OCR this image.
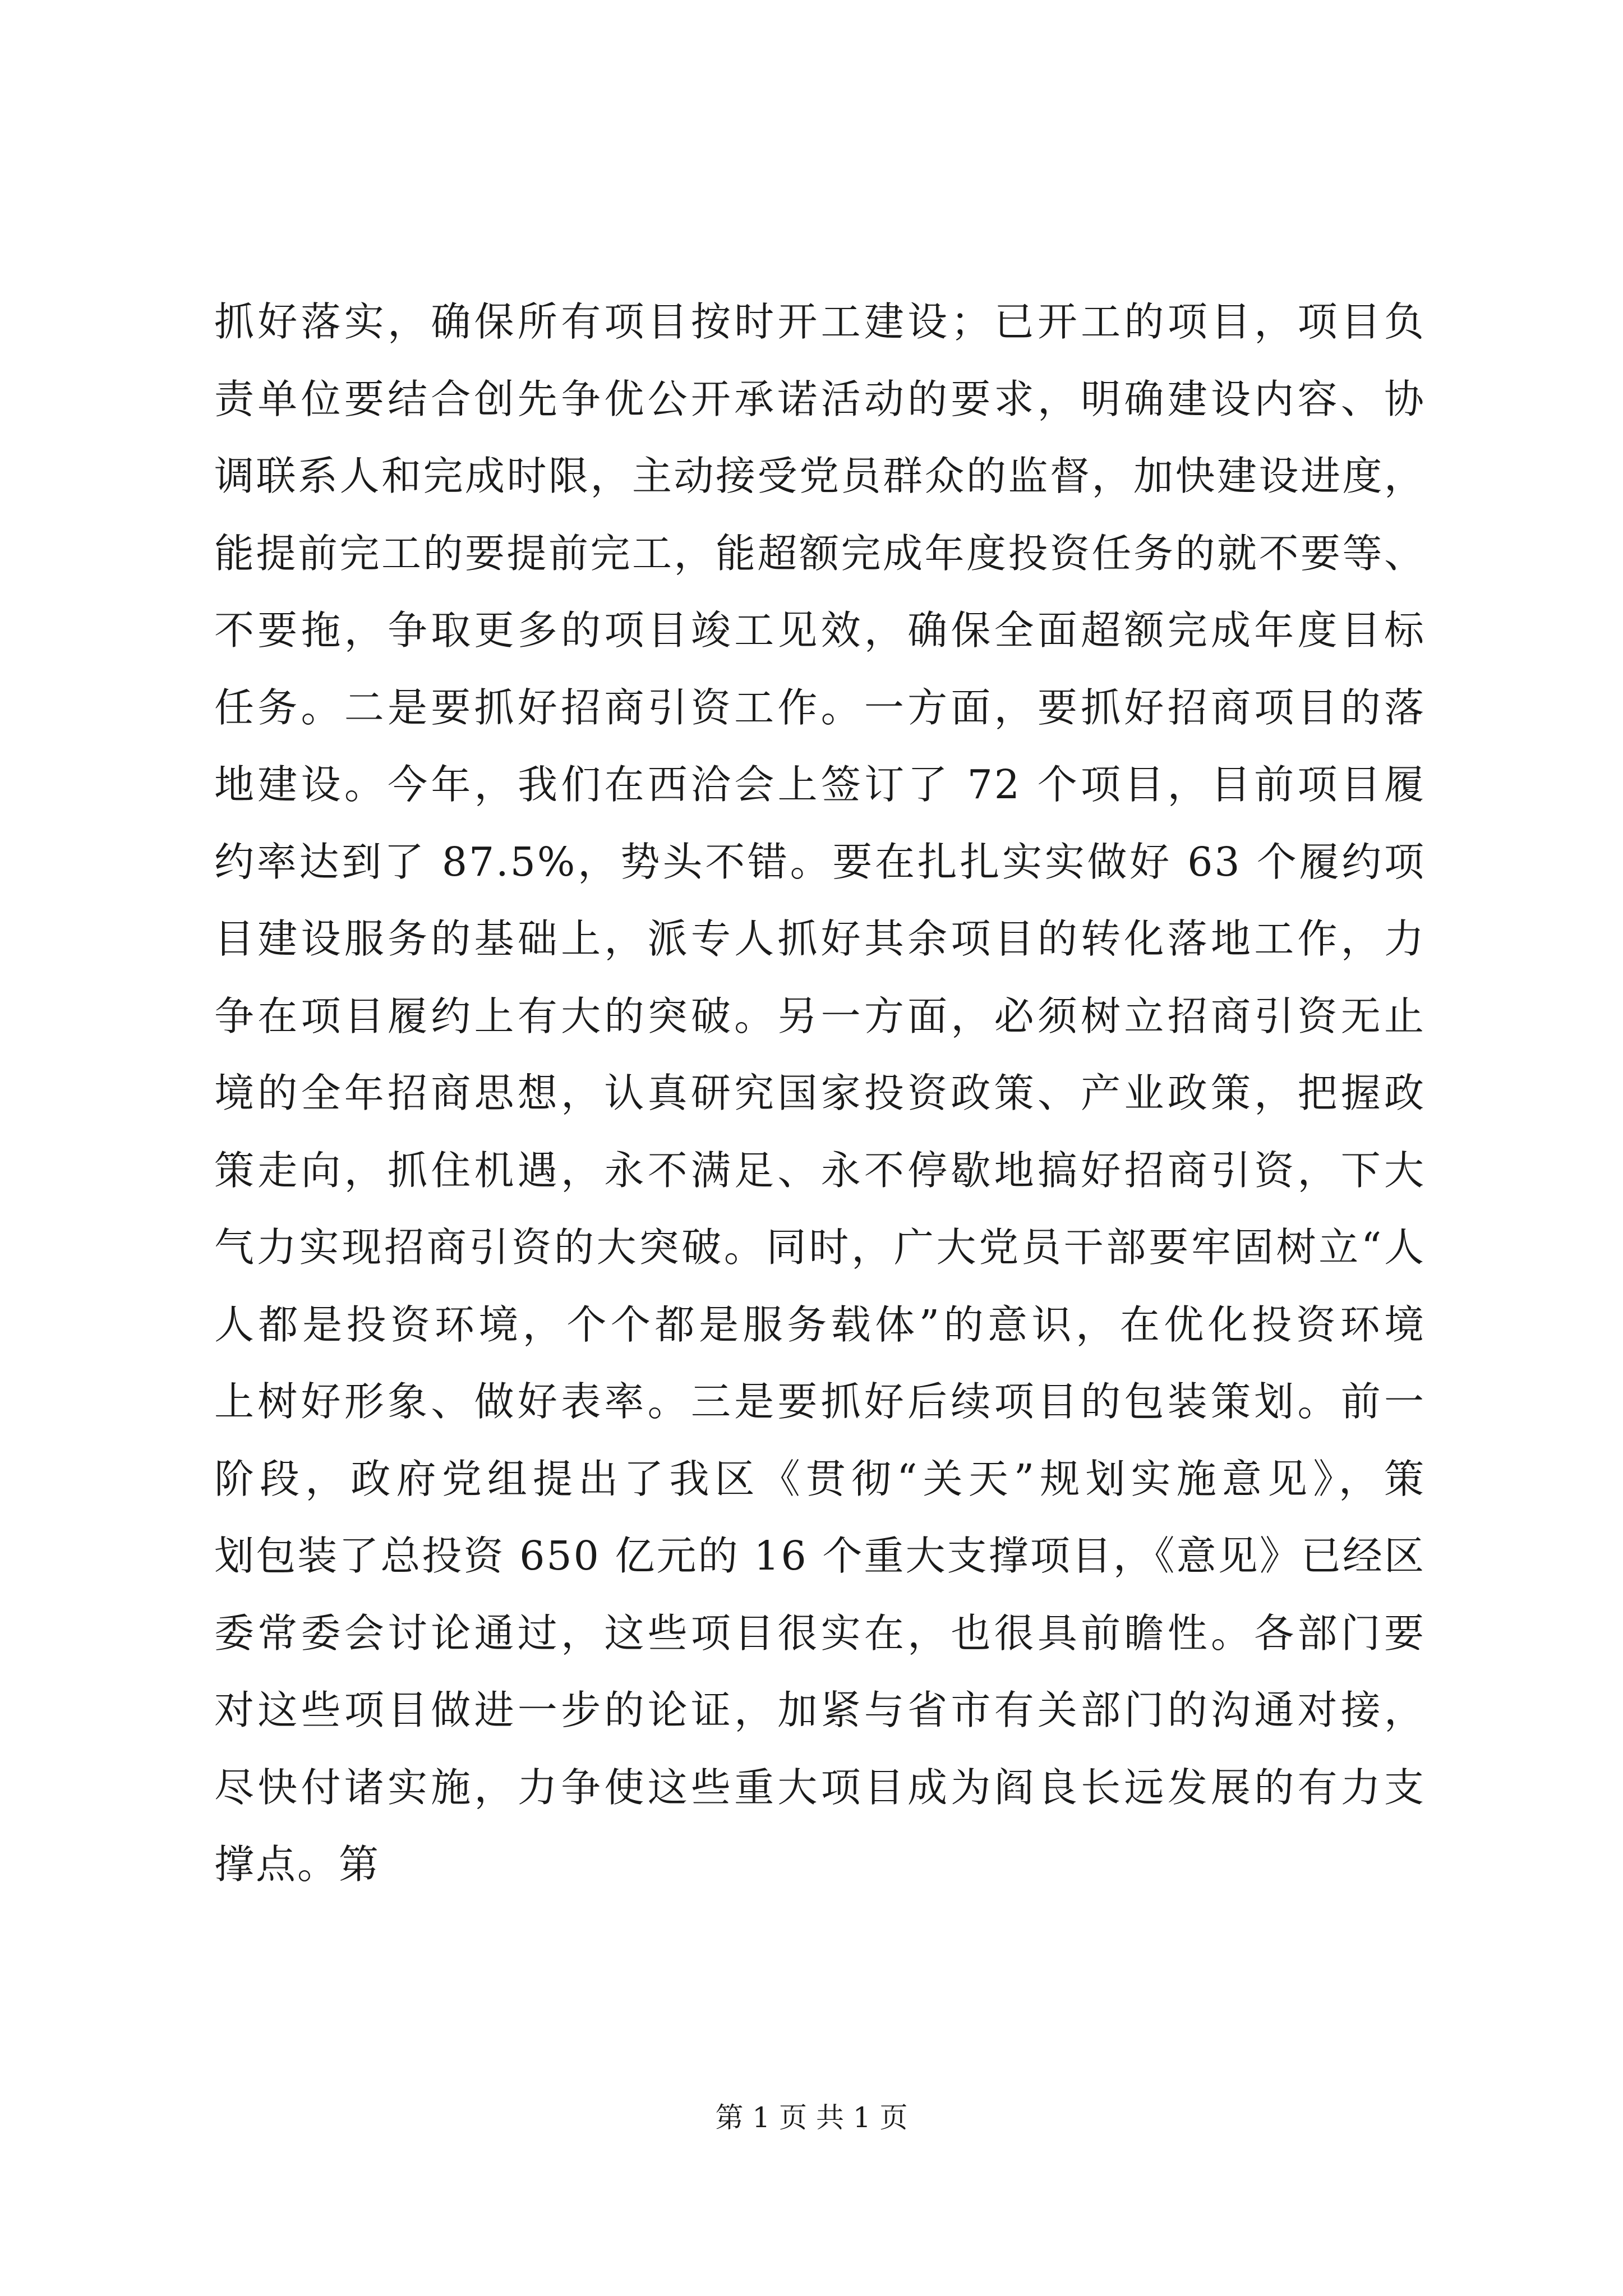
抓好落实，确保所有项目按时开工建设；已开工的项目，项目负
责单位要结合创先争优公开承诺活动的要求，明确建设内容、协
调联系人和完成时限，主动接受党员群众的监督，加快建设进度，
能提前完工的要提前完工，能超额完成年度投资任务的就不要等、
不要拖，争取更多的项目竣工见效，确保全面超额完成年度目标
任务。二是要抓好招商引资工作。一方面，要抓好招商项目的落
地建设。今年，我们在西洽会上签订了 72 个项目，目前项目履
约率达到了 87.5%，势头不错。要在扎扎实实做好 63 个履约项
目建设服务的基础上，派专人抓好其余项目的转化落地工作，力
争在项目履约上有大的突破。另一方面，必须树立招商引资无止
境的全年招商思想，认真研究国家投资政策、产业政策，把握政
策走向，抓住机遇，永不满足、永不停歇地搞好招商引资，下大
气力实现招商引资的大突破。同时，广大党员干部要牢固树立“人
人都是投资环境，个个都是服务载体”的意识，在优化投资环境
上树好形象、做好表率。三是要抓好后续项目的包装策划。前一
阶段，政府党组提出了我区《贯彻“关天”规划实施意见》，策
划包装了总投资 650 亿元的 16 个重大支撑项目，《意见》已经区
委常委会讨论通过，这些项目很实在，也很具前瞻性。各部门要
对这些项目做进一步的论证，加紧与省市有关部门的沟通对接，
尽快付诸实施，力争使这些重大项目成为阎良长远发展的有力支
撑点。第
第 1 页 共 1 页
